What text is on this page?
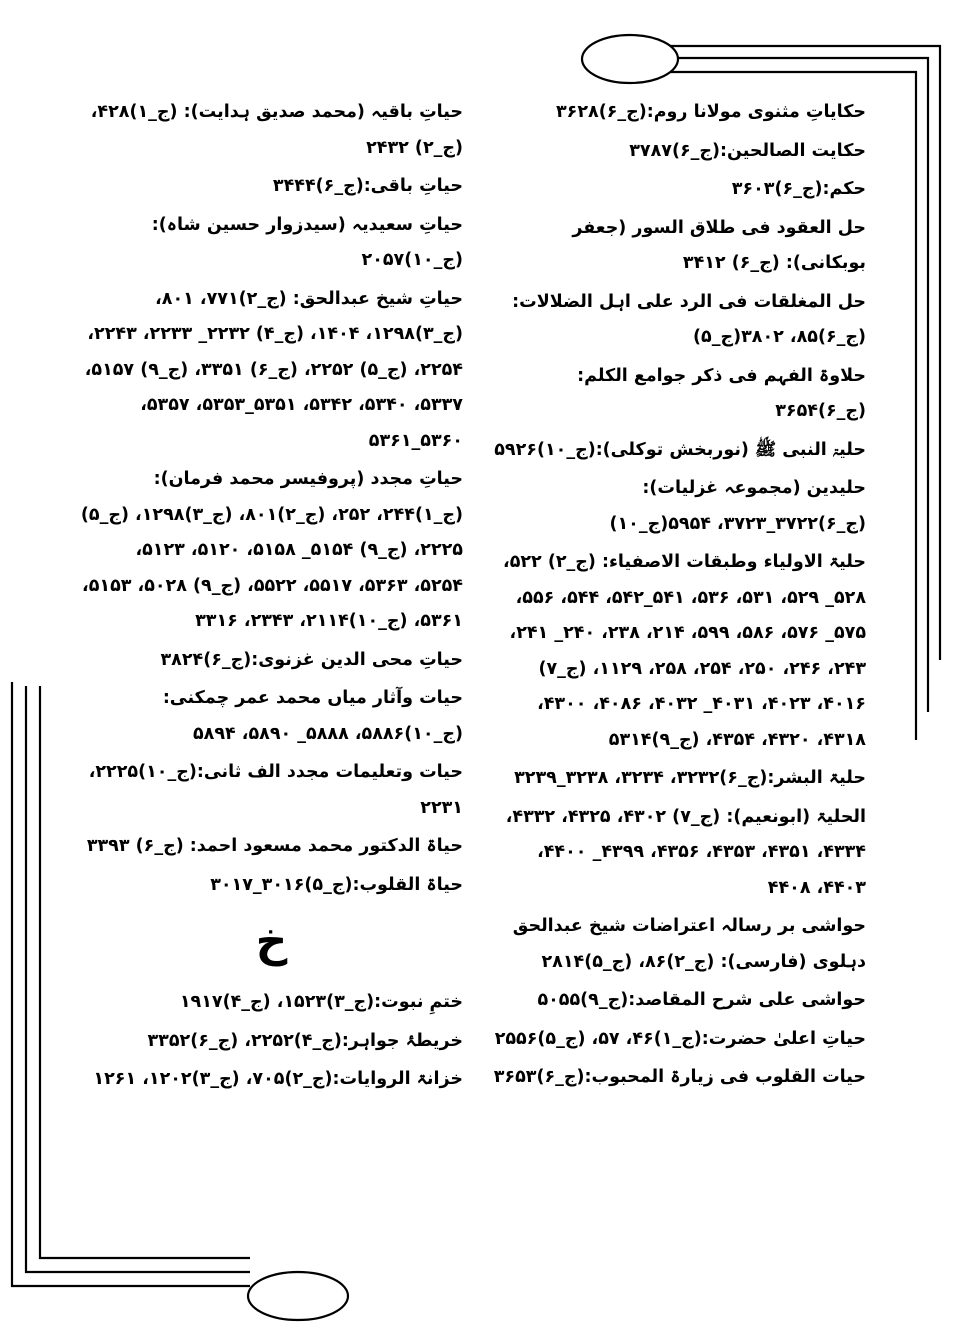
حکایاتِ مثنوی مولانا روم:(ج_۶)۳۶۲۸
حکایت الصالحین:(ج_۶)۳۷۸۷
حکم:(ج_۶)۳۶۰۳
حل العقود فی طلاق السور (جعفر بوبکانی): (ج_۶) ۳۴۱۲
حل المغلقات فی الرد علی اہل الضلالات: (ج_۶)۸۵، ۳۸۰۲(ج_۵)
حلاوۃ الفہم فی ذکر جوامع الکلم:(ج_۶)۳۶۵۴
حلیۃ النبی ﷺ (نوربخش توکلی):(ج_۱۰)۵۹۲۶
حلیدین (مجموعہ غزلیات): (ج_۶)۳۷۲۲_۳۷۲۳، ۵۹۵۴(ج_۱۰)
حلیۃ الاولیاء وطبقات الاصفیاء: (ج_۲) ۵۲۲، ۵۲۸_ ۵۲۹، ۵۳۱، ۵۳۶، ۵۴۱_۵۴۲، ۵۴۴، ۵۵۶، ۵۷۵_ ۵۷۶، ۵۸۶، ۵۹۹، ۲۱۴، ۲۳۸، ۲۴۰_ ۲۴۱، ۲۴۳، ۲۴۶، ۲۵۰، ۲۵۴، ۲۵۸، ۱۱۲۹، (ج_۷) ۴۰۱۶، ۴۰۲۳، ۴۰۳۱_ ۴۰۳۲، ۴۰۸۶، ۴۳۰۰، ۴۳۱۸، ۴۳۲۰، ۴۳۵۴، (ج_۹)۵۳۱۴
حلیۃ البشر:(ج_۶)۳۲۳۲، ۳۲۳۴، ۳۲۳۸_۳۲۳۹
الحلیۃ (ابونعیم): (ج_۷) ۴۳۰۲، ۴۳۲۵، ۴۳۳۲، ۴۳۳۴، ۴۳۵۱، ۴۳۵۳، ۴۳۵۶، ۴۳۹۹_ ۴۴۰۰، ۴۴۰۳، ۴۴۰۸
حواشی بر رسالہ اعتراضات شیخ عبدالحق دہلوی (فارسی): (ج_۲)۸۶، (ج_۵)۲۸۱۴
حواشی علی شرح المقاصد:(ج_۹)۵۰۵۵
حیاتِ اعلیٰ حضرت:(ج_۱)۴۶، ۵۷، (ج_۵)۲۵۵۶
حیات القلوب فی زیارۃ المحبوب:(ج_۶)۳۶۵۳
حیاتِ باقیہ (محمد صدیق ہدایت): (ج_۱)۴۲۸، (ج_۲) ۲۴۳۲
حیاتِ باقی:(ج_۶)۳۴۴۴
حیاتِ سعیدیہ (سیدزوار حسین شاہ):(ج_۱۰)۲۰۵۷
حیاتِ شیخ عبدالحق: (ج_۲)۷۷۱، ۸۰۱، (ج_۳)۱۲۹۸، ۱۴۰۴، (ج_۴) ۲۲۳۲_ ۲۲۳۳، ۲۲۴۳، ۲۲۵۴، (ج_۵) ۲۲۵۲، (ج_۶) ۳۳۵۱، (ج_۹) ۵۱۵۷، ۵۳۳۷، ۵۳۴۰، ۵۳۴۲، ۵۳۵۱_۵۳۵۳، ۵۳۵۷، ۵۳۶۰_۵۳۶۱
حیاتِ مجدد (پروفیسر محمد فرمان): (ج_۱)۲۴۴، ۲۵۲، (ج_۲)۸۰۱، (ج_۳)۱۲۹۸، (ج_۵) ۲۲۲۵، (ج_۹) ۵۱۵۴_ ۵۱۵۸، ۵۱۲۰، ۵۱۲۳، ۵۲۵۴، ۵۳۶۳، ۵۵۱۷، ۵۵۲۲، (ج_۹) ۵۰۲۸، ۵۱۵۳، ۵۳۶۱، (ج_۱۰)۲۱۱۴، ۲۳۴۳، ۳۳۱۶
حیاتِ محی الدین غزنوی:(ج_۶)۳۸۲۴
حیات وآثار میاں محمد عمر چمکنی:(ج_۱۰)۵۸۸۶، ۵۸۸۸_ ۵۸۹۰، ۵۸۹۴
حیات وتعلیمات مجدد الف ثانی:(ج_۱۰)۲۲۲۵، ۲۲۳۱
حیاۃ الدکتور محمد مسعود احمد: (ج_۶) ۳۳۹۳
حیاۃ القلوب:(ج_۵)۳۰۱۶_۳۰۱۷
خ
ختمِ نبوت:(ج_۳)۱۵۲۳، (ج_۴)۱۹۱۷
خریطۂ جواہر:(ج_۴)۲۲۵۲، (ج_۶)۳۳۵۲
خزانۃ الروایات:(ج_۲)۷۰۵، (ج_۳)۱۲۰۲، ۱۲۶۱
